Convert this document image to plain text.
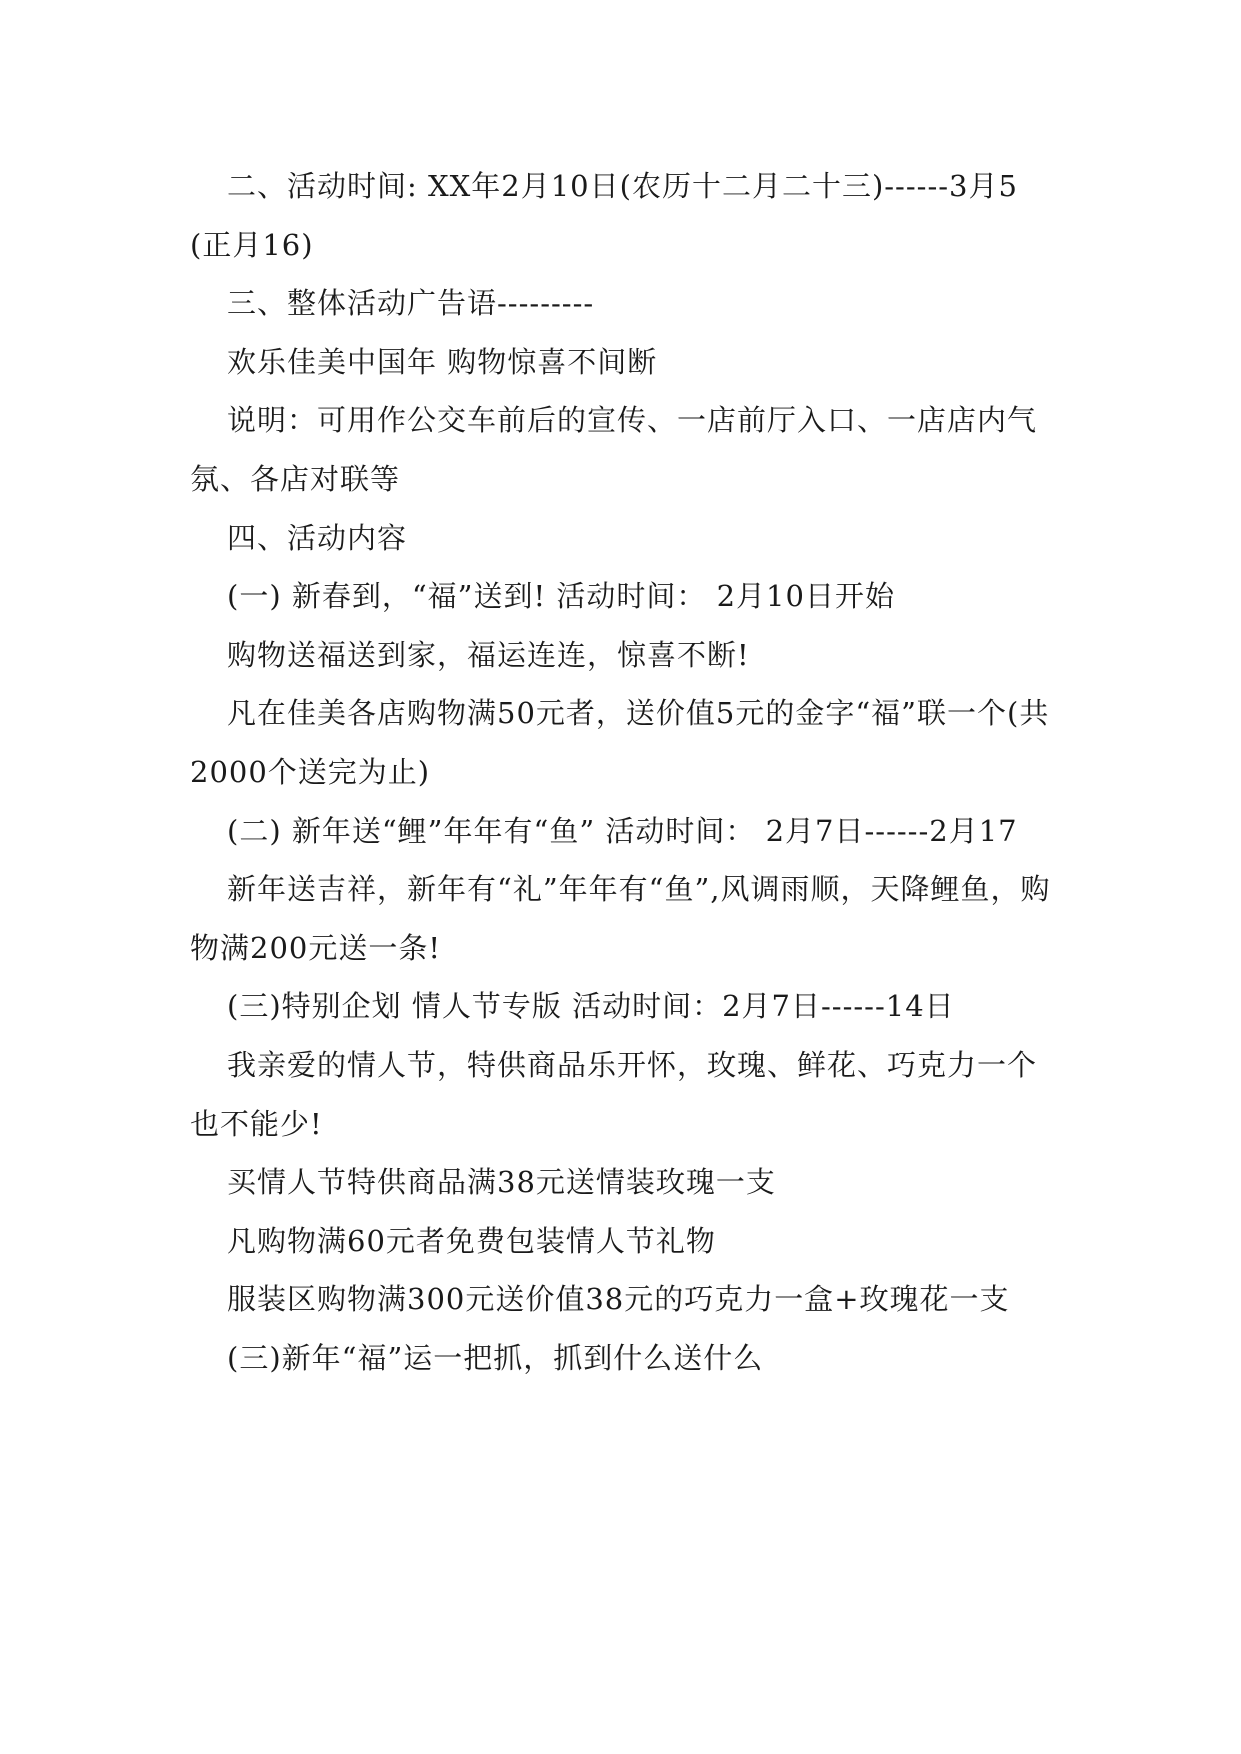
二、活动时间: XX年2月10日(农历十二月二十三)------3月5(正月16)

三、整体活动广告语---------

欢乐佳美中国年 购物惊喜不间断

说明：可用作公交车前后的宣传、一店前厅入口、一店店内气氛、各店对联等

四、活动内容

(一) 新春到，“福”送到! 活动时间： 2月10日开始

购物送福送到家，福运连连，惊喜不断!

凡在佳美各店购物满50元者，送价值5元的金字“福”联一个(共2000个送完为止)

(二) 新年送“鲤”年年有“鱼” 活动时间： 2月7日------2月17

新年送吉祥，新年有“礼”年年有“鱼”,风调雨顺，天降鲤鱼，购物满200元送一条!

(三)特别企划 情人节专版 活动时间：2月7日------14日

我亲爱的情人节，特供商品乐开怀，玫瑰、鲜花、巧克力一个也不能少!

买情人节特供商品满38元送情装玫瑰一支

凡购物满60元者免费包装情人节礼物

服装区购物满300元送价值38元的巧克力一盒+玫瑰花一支

(三)新年“福”运一把抓，抓到什么送什么
